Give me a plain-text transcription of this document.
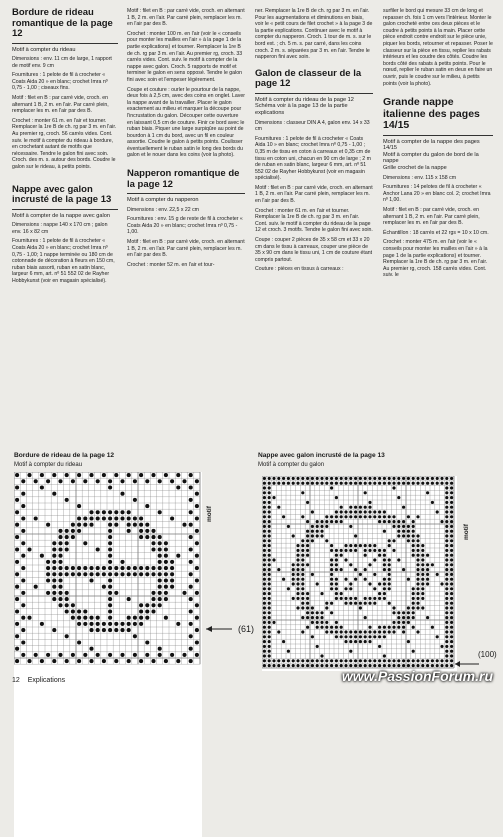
Bordure de rideau romantique de la page 12

Motif à compter du rideau

Dimensions : env. 11 cm de large, 1 rapport de motif env. 9 cm

Fournitures : 1 pelote de fil à crocheter « Coats Aida 20 » en blanc; crochet Imra nº 0,75 - 1,00 ; ciseaux fins.

Motif : filet en B : par carré vide, croch. en alternant 1 B, 2 m. en l'air. Par carré plein, remplacer les m. en l'air par des B.

Crochet : monter 61 m. en l'air et tourner. Remplacer la 1re B de ch. rg par 3 m. en l'air. Au premier rg, croch. 56 carrés vides. Cont. suiv. le motif à compter du rideau à bordure, en crochetant autant de motifs que nécessaire. Tendre le galon fini avec soin. Croch. des m. s. autour des bords. Coudre le galon sur le rideau, à petits points.

Nappe avec galon incrusté de la page 13

Motif à compter de la nappe avec galon

Dimensions : nappe 140 x 170 cm ; galon env. 16 x 82 cm

Fournitures : 1 pelote de fil à crocheter « Coats Aida 20 » en blanc; crochet Imra nº 0,75 - 1,00; 1 nappe terminée ou 180 cm de cotonnade de décoration à fleurs en 150 cm, ruban biais assorti, ruban en satin blanc, largeur 6 mm, art. nº 51 552 02 de Rayher Hobbykunst (voir en magasin spécialisé).

Motif : filet en B : par carré vide, croch. en alternant 1 B, 2 m. en l'air. Par carré plein, remplacer les m. en l'air par des B.

Crochet : monter 100 m. en l'air (voir le « conseils pour monter les mailles en l'air » à la page 1 de la partie explications) et tourner. Remplacer la 1re B de ch. rg par 3 m. en l'air. Au premier rg, croch. 33 carrés vides. Cont. suiv. le motif à compter de la nappe avec galon. Croch. 5 rapports de motif et terminer le galon en sens opposé. Tendre le galon fini avec soin et l'empeser légèrement.

Coupe et couture : ourler le pourtour de la nappe, deux fois à 2,5 cm, avec des coins en onglet. Laver la nappe avant de la travailler. Placer le galon exactement au milieu et marquer la découpe pour l'incrustation du galon. Découper cette ouverture en laissant 0,5 cm de couture. Finir ce bord avec le ruban biais. Piquer une large surpiqûre au point de bourdon à 1 cm du bord, avec un fil en couleur assortie. Coudre le galon à petits points. Coulisser éventuellement le ruban satin le long des bords du galon et le nouer dans les coins (voir la photo).

Napperon romantique de la page 12

Motif à compter du napperon

Dimensions : env. 22,5 x 22 cm

Fournitures : env. 15 g de reste de fil à crocheter « Coats Aida 20 » en blanc; crochet Imra nº 0,75 - 1,00.

Motif : filet en B : par carré vide, croch. en alternant 1 B, 2 m. en l'air. Par carré plein, remplacer les m. en l'air par des B.

Crochet : monter 52 m. en l'air et tour-

ner. Remplacer la 1re B de ch. rg par 3 m. en l'air. Pour les augmentations et diminutions en biais, voir le « petit cours de filet crochet » à la page 3 de la partie explications. Continuer avec le motif à compter du napperon. Croch. 1 tour de m. s. sur le bord ext. ; ch. 5 m. s. par carré, dans les coins croch. 2 m. s. séparées par 3 m. en l'air. Tendre le napperon fini avec soin.

Galon de classeur de la page 12

Motif à compter du rideau de la page 12 Schéma voir à la page 13 de la partie explications

Dimensions : classeur DIN A 4, galon env. 14 x 33 cm

Fournitures : 1 pelote de fil à crocheter « Coats Aida 10 » en blanc; crochet Imra nº 0,75 - 1,00 ; 0,35 m de tissu en coton à carreaux et 0,35 cm de tissu en coton uni, chacun en 90 cm de large ; 2 m de ruban en satin blanc, largeur 6 mm, art. nº 51 552 02 de Rayher Hobbykunst (voir en magasin spécialisé).

Motif : filet en B : par carré vide, croch. en alternant 1 B, 2 m. en l'air. Par carré plein, remplacer les m. en l'air par des B.

Crochet : monter 61 m. en l'air et tourner. Remplacer la 1re B de ch. rg par 3 m. en l'air. Cont. suiv. le motif à compter du rideau de la page 12 et croch. 3 motifs. Tendre le galon fini avec soin.

Coupe : couper 2 pièces de 35 x 58 cm et 33 x 20 cm dans le tissu à carreaux, couper une pièce de 35 x 90 cm dans le tissu uni, 1 cm de couture étant compris partout.

Couture : pièces en tissus à carreaux :

surfiler le bord qui mesure 33 cm de long et repasser ch. fois 1 cm vers l'intérieur. Monter le galon crocheté entre ces deux pièces et le coudre à petits points à la main. Placer cette pièce endroit contre endroit sur le pièce unie, piquer les bords, retourner et repasser. Poser le classeur sur la pièce en tissu, replier les rabats intérieurs et les coudre des côtés. Coudre les bords côté des rabats à petits points. Pour le nœud, replier le ruban satin en deux en faire un ouvrir, puis le coudre sur le milieu, à petits points (voir la photo).

Grande nappe italienne des pages 14/15

Motif à compter de la nappe des pages 14/15

Motif à compter du galon de bord de la nappe

Grille crochet de la nappe

Dimensions : env. 115 x 158 cm

Fournitures : 14 pelotes de fil à crocheter « Anchor Lana 20 » en blanc col. 2; crochet Imra nº 1,00.

Motif : filet en B : par carré vide, croch. en alternant 1 B, 2 m. en l'air. Par carré plein, remplacer les m. en l'air par des B.

Échantillon : 18 carrés et 22 rgs = 10 x 10 cm.

Crochet : monter 475 m. en l'air (voir le « conseils pour monter les mailles en l'air » à la page 1 de la partie explications) et tourner. Remplacer la 1re B de ch. rg par 3 m. en l'air. Au premier rg, croch. 158 carrés vides. Cont. suiv. le

Bordure de rideau de la page 12
Motif à compter du rideau
motif
(61)
Nappe avec galon incrusté de la page 13
Motif à compter du galon
motif
(100)
12 Explications	www.PassionForum.ru
